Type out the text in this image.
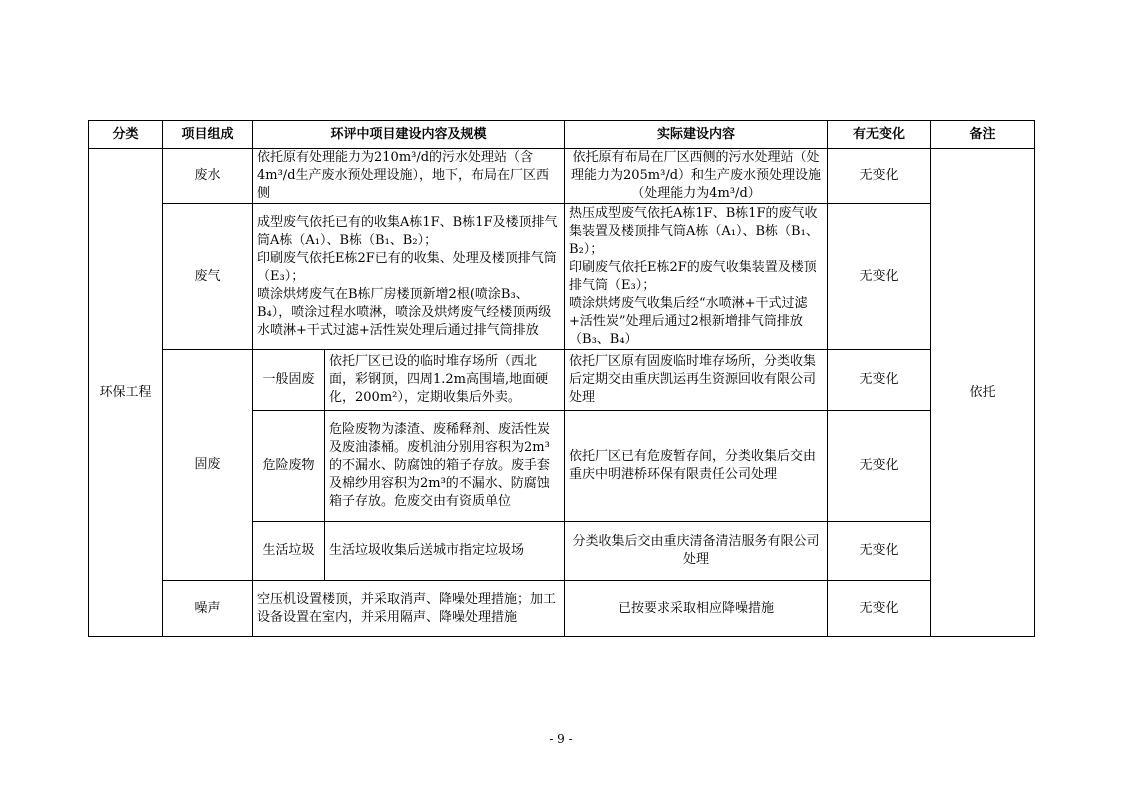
分类	项目组成	环评中项目建设内容及规模		实际建设内容	有无变化	备注
环保工程	废水	依托原有处理能力为210m³/d的污水处理站（含4m³/d生产废水预处理设施），地下，布局在厂区西侧		依托原有布局在厂区西侧的污水处理站（处理能力为205m³/d）和生产废水预处理设施（处理能力为4m³/d）	无变化	依托
	废气	成型废气依托已有的收集A栋1F、B栋1F及楼顶排气筒A栋（A₁）、B栋（B₁、B₂）；
印刷废气依托E栋2F已有的收集、处理及楼顶排气筒（E₃）；
喷涂烘烤废气在B栋厂房楼顶新增2根(喷涂B₃、B₄），喷涂过程水喷淋，喷涂及烘烤废气经楼顶两级水喷淋+干式过滤+活性炭处理后通过排气筒排放		热压成型废气依托A栋1F、B栋1F的废气收集装置及楼顶排气筒A栋（A₁）、B栋（B₁、B₂）；
印刷废气依托E栋2F的废气收集装置及楼顶排气筒（E₃）；
喷涂烘烤废气收集后经“水喷淋+干式过滤+活性炭”处理后通过2根新增排气筒排放（B₃、B₄）	无变化	
	固废	一般固废	依托厂区已设的临时堆存场所（西北面，彩钢顶，四周1.2m高围墙,地面硬化，200m²），定期收集后外卖。	依托厂区原有固废临时堆存场所，分类收集后定期交由重庆凯运再生资源回收有限公司处理	无变化	
		危险废物	危险废物为漆渣、废稀释剂、废活性炭及废油漆桶。废机油分别用容积为2m³的不漏水、防腐蚀的箱子存放。废手套及棉纱用容积为2m³的不漏水、防腐蚀箱子存放。危废交由有资质单位	依托厂区已有危废暂存间，分类收集后交由重庆中明港桥环保有限责任公司处理	无变化	
		生活垃圾	生活垃圾收集后送城市指定垃圾场	分类收集后交由重庆清备清洁服务有限公司处理	无变化	
	噪声	空压机设置楼顶，并采取消声、降噪处理措施；加工设备设置在室内，并采用隔声、降噪处理措施		已按要求采取相应降噪措施	无变化	
- 9 -
